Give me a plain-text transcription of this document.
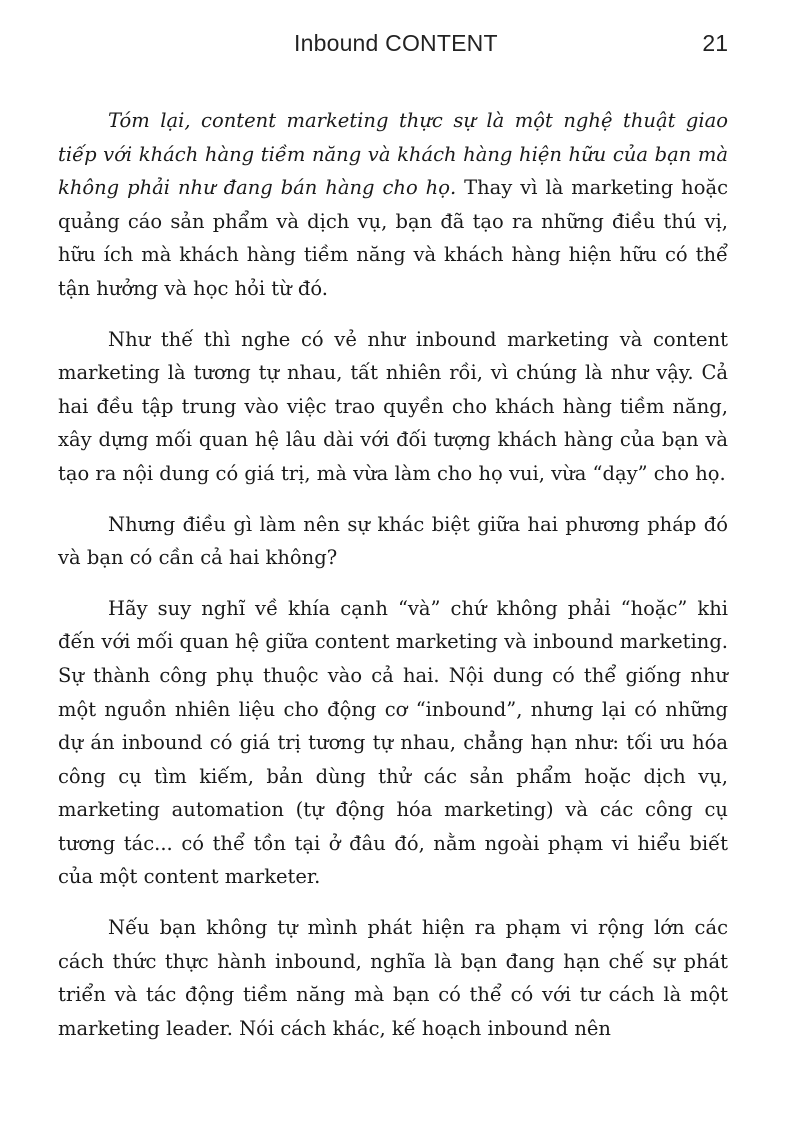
Inbound CONTENT	21

Tóm lại, content marketing thực sự là một nghệ thuật giao tiếp với khách hàng tiềm năng và khách hàng hiện hữu của bạn mà không phải như đang bán hàng cho họ. Thay vì là marketing hoặc quảng cáo sản phẩm và dịch vụ, bạn đã tạo ra những điều thú vị, hữu ích mà khách hàng tiềm năng và khách hàng hiện hữu có thể tận hưởng và học hỏi từ đó.

Như thế thì nghe có vẻ như inbound marketing và content marketing là tương tự nhau, tất nhiên rồi, vì chúng là như vậy. Cả hai đều tập trung vào việc trao quyền cho khách hàng tiềm năng, xây dựng mối quan hệ lâu dài với đối tượng khách hàng của bạn và tạo ra nội dung có giá trị, mà vừa làm cho họ vui, vừa “dạy” cho họ.

Nhưng điều gì làm nên sự khác biệt giữa hai phương pháp đó và bạn có cần cả hai không?

Hãy suy nghĩ về khía cạnh “và” chứ không phải “hoặc” khi đến với mối quan hệ giữa content marketing và inbound marketing. Sự thành công phụ thuộc vào cả hai. Nội dung có thể giống như một nguồn nhiên liệu cho động cơ “inbound”, nhưng lại có những dự án inbound có giá trị tương tự nhau, chẳng hạn như: tối ưu hóa công cụ tìm kiếm, bản dùng thử các sản phẩm hoặc dịch vụ, marketing automation (tự động hóa marketing) và các công cụ tương tác... có thể tồn tại ở đâu đó, nằm ngoài phạm vi hiểu biết của một content marketer.

Nếu bạn không tự mình phát hiện ra phạm vi rộng lớn các cách thức thực hành inbound, nghĩa là bạn đang hạn chế sự phát triển và tác động tiềm năng mà bạn có thể có với tư cách là một marketing leader. Nói cách khác, kế hoạch inbound nên
